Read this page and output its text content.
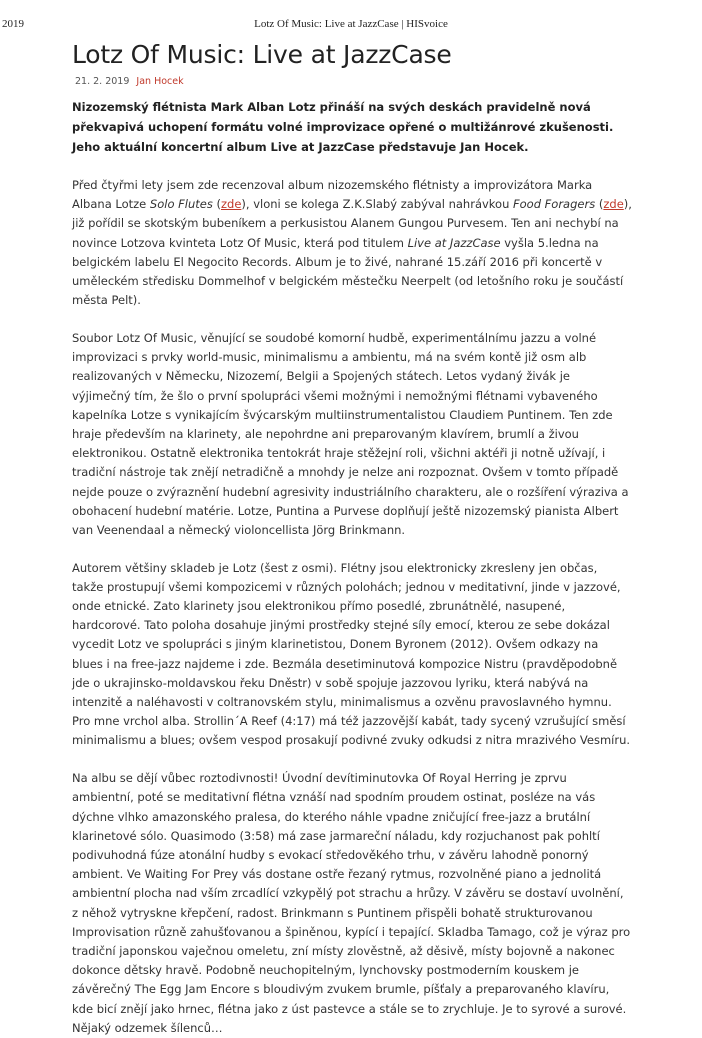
2019	Lotz Of Music: Live at JazzCase | HISvoice
Lotz Of Music: Live at JazzCase
21. 2. 2019 Jan Hocek

Nizozemský flétnista Mark Alban Lotz přináší na svých deskách pravidelně nová překvapivá uchopení formátu volné improvizace opřené o multižánrové zkušenosti. Jeho aktuální koncertní album Live at JazzCase představuje Jan Hocek.

Před čtyřmi lety jsem zde recenzoval album nizozemského flétnisty a improvizátora Marka Albana Lotze Solo Flutes (zde), vloni se kolega Z.K.Slabý zabýval nahrávkou Food Foragers (zde), již pořídil se skotským bubeníkem a perkusistou Alanem Gungou Purvesem. Ten ani nechybí na novince Lotzova kvinteta Lotz Of Music, která pod titulem Live at JazzCase vyšla 5.ledna na belgickém labelu El Negocito Records. Album je to živé, nahrané 15.září 2016 při koncertě v uměleckém středisku Dommelhof v belgickém městečku Neerpelt (od letošního roku je součástí města Pelt).

Soubor Lotz Of Music, věnující se soudobé komorní hudbě, experimentálnímu jazzu a volné improvizaci s prvky world-music, minimalismu a ambientu, má na svém kontě již osm alb realizovaných v Německu, Nizozemí, Belgii a Spojených státech. Letos vydaný živák je výjimečný tím, že šlo o první spolupráci všemi možnými i nemožnými flétnami vybaveného kapelníka Lotze s vynikajícím švýcarským multiinstrumentalistou Claudiem Puntinem. Ten zde hraje především na klarinety, ale nepohrdne ani preparovaným klavírem, brumlí a živou elektronikou. Ostatně elektronika tentokrát hraje stěžejní roli, všichni aktéři ji notně užívají, i tradiční nástroje tak znějí netradičně a mnohdy je nelze ani rozpoznat. Ovšem v tomto případě nejde pouze o zvýraznění hudební agresivity industriálního charakteru, ale o rozšíření výraziva a obohacení hudební matérie. Lotze, Puntina a Purvese doplňují ještě nizozemský pianista Albert van Veenendaal a německý violoncellista Jörg Brinkmann.

Autorem většiny skladeb je Lotz (šest z osmi). Flétny jsou elektronicky zkresleny jen občas, takže prostupují všemi kompozicemi v různých polohách; jednou v meditativní, jinde v jazzové, onde etnické. Zato klarinety jsou elektronikou přímo posedlé, zbrunátnělé, nasupené, hardcorové. Tato poloha dosahuje jinými prostředky stejné síly emocí, kterou ze sebe dokázal vycedit Lotz ve spolupráci s jiným klarinetistou, Donem Byronem (2012). Ovšem odkazy na blues i na free-jazz najdeme i zde. Bezmála desetiminutová kompozice Nistru (pravděpodobně jde o ukrajinsko-moldavskou řeku Dněstr) v sobě spojuje jazzovou lyriku, která nabývá na intenzitě a naléhavosti v coltranovském stylu, minimalismus a ozvěnu pravoslavného hymnu. Pro mne vrchol alba. Strollin´A Reef (4:17) má též jazzovější kabát, tady sycený vzrušující směsí minimalismu a blues; ovšem vespod prosakují podivné zvuky odkudsi z nitra mrazivého Vesmíru.

Na albu se dějí vůbec roztodivnosti! Úvodní devítiminutovka Of Royal Herring je zprvu ambientní, poté se meditativní flétna vznáší nad spodním proudem ostinat, posléze na vás dýchne vlhko amazonského pralesa, do kterého náhle vpadne zničující free-jazz a brutální klarinetové sólo. Quasimodo (3:58) má zase jarmareční náladu, kdy rozjuchanost pak pohltí podivuhodná fúze atonální hudby s evokací středověkého trhu, v závěru lahodně ponorný ambient. Ve Waiting For Prey vás dostane ostře řezaný rytmus, rozvolněné piano a jednolitá ambientní plocha nad vším zrcadlící vzkypělý pot strachu a hrůzy. V závěru se dostaví uvolnění, z něhož vytryskne křepčení, radost. Brinkmann s Puntinem přispěli bohatě strukturovanou Improvisation různě zahušťovanou a špiněnou, kypící i tepající. Skladba Tamago, což je výraz pro tradiční japonskou vaječnou omeletu, zní místy zlověstně, až děsivě, místy bojovně a nakonec dokonce dětsky hravě. Podobně neuchopitelným, lynchovsky postmoderním kouskem je závěrečný The Egg Jam Encore s bloudivým zvukem brumle, píšťaly a preparovaného klavíru, kde bicí znějí jako hrnec, flétna jako z úst pastevce a stále se to zrychluje. Je to syrové a surové. Nějaký odzemek šílenců…
